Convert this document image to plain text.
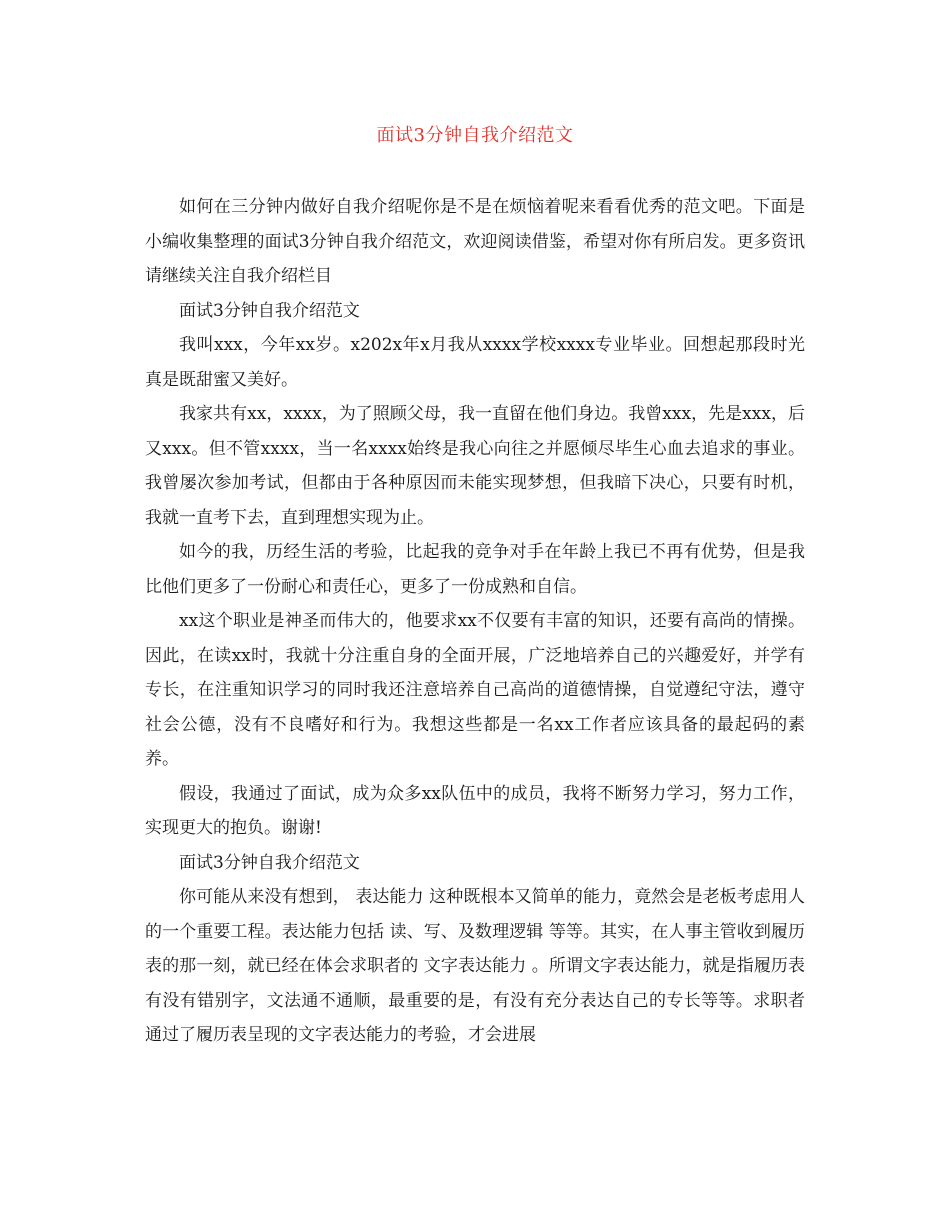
面试3分钟自我介绍范文

如何在三分钟内做好自我介绍呢你是不是在烦恼着呢来看看优秀的范文吧。下面是小编收集整理的面试3分钟自我介绍范文，欢迎阅读借鉴，希望对你有所启发。更多资讯请继续关注自我介绍栏目

面试3分钟自我介绍范文

我叫xxx，今年xx岁。x202x年x月我从xxxx学校xxxx专业毕业。回想起那段时光真是既甜蜜又美好。

我家共有xx，xxxx，为了照顾父母，我一直留在他们身边。我曾xxx，先是xxx，后又xxx。但不管xxxx，当一名xxxx始终是我心向往之并愿倾尽毕生心血去追求的事业。我曾屡次参加考试，但都由于各种原因而未能实现梦想，但我暗下决心，只要有时机，我就一直考下去，直到理想实现为止。

如今的我，历经生活的考验，比起我的竞争对手在年龄上我已不再有优势，但是我比他们更多了一份耐心和责任心，更多了一份成熟和自信。

xx这个职业是神圣而伟大的，他要求xx不仅要有丰富的知识，还要有高尚的情操。因此，在读xx时，我就十分注重自身的全面开展，广泛地培养自己的兴趣爱好，并学有专长，在注重知识学习的同时我还注意培养自己高尚的道德情操，自觉遵纪守法，遵守社会公德，没有不良嗜好和行为。我想这些都是一名xx工作者应该具备的最起码的素养。

假设，我通过了面试，成为众多xx队伍中的成员，我将不断努力学习，努力工作，实现更大的抱负。谢谢!

面试3分钟自我介绍范文

你可能从来没有想到， 表达能力 这种既根本又简单的能力，竟然会是老板考虑用人的一个重要工程。表达能力包括 读、写、及数理逻辑 等等。其实，在人事主管收到履历表的那一刻，就已经在体会求职者的 文字表达能力 。所谓文字表达能力，就是指履历表有没有错别字，文法通不通顺，最重要的是，有没有充分表达自己的专长等等。求职者通过了履历表呈现的文字表达能力的考验，才会进展
